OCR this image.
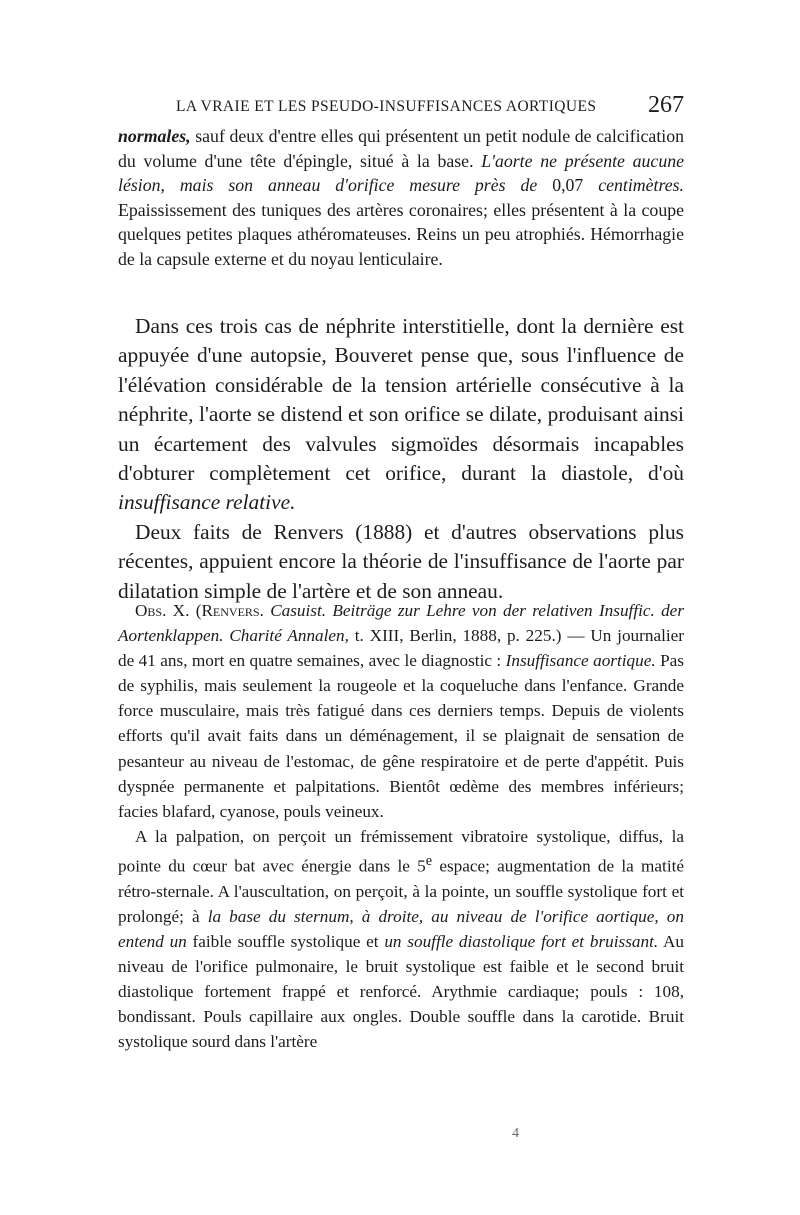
LA VRAIE ET LES PSEUDO-INSUFFISANCES AORTIQUES 267

normales, sauf deux d'entre elles qui présentent un petit nodule de calcification du volume d'une tête d'épingle, situé à la base. L'aorte ne présente aucune lésion, mais son anneau d'orifice mesure près de 0,07 centimètres. Epaississement des tuniques des artères coronaires; elles présentent à la coupe quelques petites plaques athéromateuses. Reins un peu atrophiés. Hémorrhagie de la capsule externe et du noyau lenticulaire.

Dans ces trois cas de néphrite interstitielle, dont la dernière est appuyée d'une autopsie, Bouveret pense que, sous l'influence de l'élévation considérable de la tension artérielle consécutive à la néphrite, l'aorte se distend et son orifice se dilate, produisant ainsi un écartement des valvules sigmoïdes désormais incapables d'obturer complètement cet orifice, durant la diastole, d'où insuffisance relative.

Deux faits de Renvers (1888) et d'autres observations plus récentes, appuient encore la théorie de l'insuffisance de l'aorte par dilatation simple de l'artère et de son anneau.

Obs. X. (Renvers. Casuist. Beiträge zur Lehre von der relativen Insuffic. der Aortenklappen. Charité Annalen, t. XIII, Berlin, 1888, p. 225.) — Un journalier de 41 ans, mort en quatre semaines, avec le diagnostic : Insuffisance aortique. Pas de syphilis, mais seulement la rougeole et la coqueluche dans l'enfance. Grande force musculaire, mais très fatigué dans ces derniers temps. Depuis de violents efforts qu'il avait faits dans un déménagement, il se plaignait de sensation de pesanteur au niveau de l'estomac, de gêne respiratoire et de perte d'appétit. Puis dyspnée permanente et palpitations. Bientôt œdème des membres inférieurs; facies blafard, cyanose, pouls veineux.

A la palpation, on perçoit un frémissement vibratoire systolique, diffus, la pointe du cœur bat avec énergie dans le 5e espace; augmentation de la matité rétro-sternale. A l'auscultation, on perçoit, à la pointe, un souffle systolique fort et prolongé; à la base du sternum, à droite, au niveau de l'orifice aortique, on entend un faible souffle systolique et un souffle diastolique fort et bruissant. Au niveau de l'orifice pulmonaire, le bruit systolique est faible et le second bruit diastolique fortement frappé et renforcé. Arythmie cardiaque; pouls : 108, bondissant. Pouls capillaire aux ongles. Double souffle dans la carotide. Bruit systolique sourd dans l'artère

4
